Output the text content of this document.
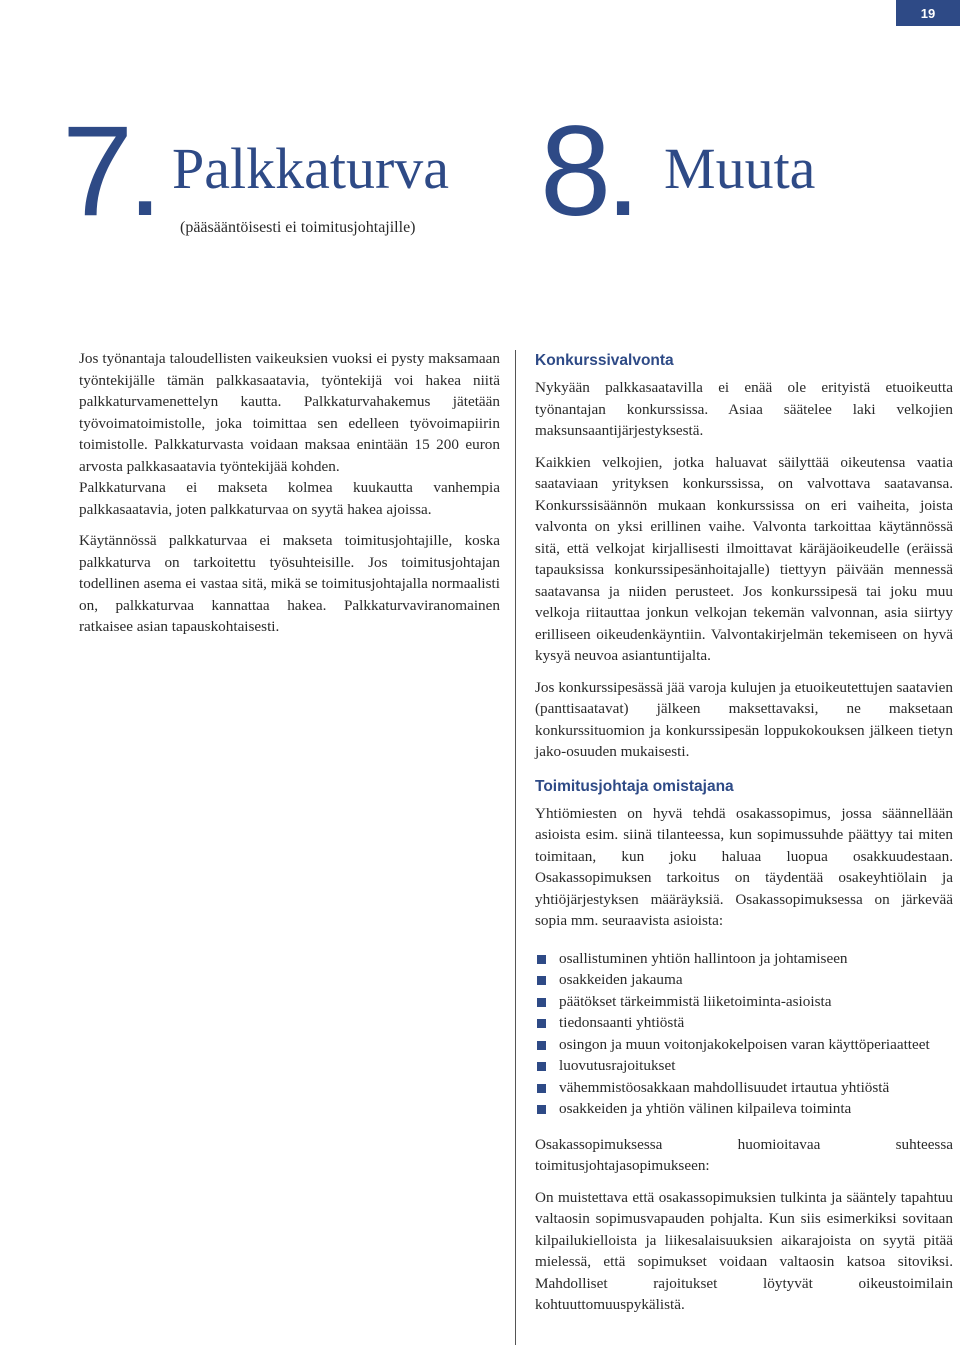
19
7. Palkkaturva
(pääsääntöisesti ei toimitusjohtajille) 8. Muuta

Jos työnantaja taloudellisten vaikeuksien vuoksi ei pysty maksamaan työntekijälle tämän palkkasaatavia, työntekijä voi hakea niitä palkkaturvamenettelyn kautta. Palkkaturvahakemus jätetään työvoimatoimistolle, joka toimittaa sen edelleen työvoimapiirin toimistolle. Palkkaturvasta voidaan maksaa enintään 15 200 euron arvosta palkkasaatavia työntekijää kohden.

Palkkaturvana ei makseta kolmea kuukautta vanhempia palkkasaatavia, joten palkkaturvaa on syytä hakea ajoissa.

Käytännössä palkkaturvaa ei makseta toimitusjohtajille, koska palkkaturva on tarkoitettu työsuhteisille. Jos toimitusjohtajan todellinen asema ei vastaa sitä, mikä se toimitusjohtajalla normaalisti on, palkkaturvaa kannattaa hakea. Palkkaturvaviranomainen ratkaisee asian tapauskohtaisesti.

Konkurssivalvonta

Nykyään palkkasaatavilla ei enää ole erityistä etuoikeutta työnantajan konkurssissa. Asiaa säätelee laki velkojien maksunsaantijärjestyksestä.

Kaikkien velkojien, jotka haluavat säilyttää oikeutensa vaatia saataviaan yrityksen konkurssissa, on valvottava saatavansa. Konkurssisäännön mukaan konkurssissa on eri vaiheita, joista valvonta on yksi erillinen vaihe. Valvonta tarkoittaa käytännössä sitä, että velkojat kirjallisesti ilmoittavat käräjäoikeudelle (eräissä tapauksissa konkurssipesänhoitajalle) tiettyyn päivään mennessä saatavansa ja niiden perusteet. Jos konkurssipesä tai joku muu velkoja riitauttaa jonkun velkojan tekemän valvonnan, asia siirtyy erilliseen oikeudenkäyntiin. Valvontakirjelmän tekemiseen on hyvä kysyä neuvoa asiantuntijalta.

Jos konkurssipesässä jää varoja kulujen ja etuoikeutettujen saatavien (panttisaatavat) jälkeen maksettavaksi, ne maksetaan konkurssituomion ja konkurssipesän loppukokouksen jälkeen tietyn jako-osuuden mukaisesti.

Toimitusjohtaja omistajana

Yhtiömiesten on hyvä tehdä osakassopimus, jossa säännellään asioista esim. siinä tilanteessa, kun sopimussuhde päättyy tai miten toimitaan, kun joku haluaa luopua osakkuudestaan. Osakassopimuksen tarkoitus on täydentää osakeyhtiölain ja yhtiöjärjestyksen määräyksiä. Osakassopimuksessa on järkevää sopia mm. seuraavista asioista:

osallistuminen yhtiön hallintoon ja johtamiseen
osakkeiden jakauma
päätökset tärkeimmistä liiketoiminta-asioista
tiedonsaanti yhtiöstä
osingon ja muun voitonjakokelpoisen varan käyttöperiaatteet
luovutusrajoitukset
vähemmistöosakkaan mahdollisuudet irtautua yhtiöstä
osakkeiden ja yhtiön välinen kilpaileva toiminta

Osakassopimuksessa huomioitavaa suhteessa toimitusjohtajasopimukseen:

On muistettava että osakassopimuksien tulkinta ja sääntely tapahtuu valtaosin sopimusvapauden pohjalta. Kun siis esimerkiksi sovitaan kilpailukielloista ja liikesalaisuuksien aikarajoista on syytä pitää mielessä, että sopimukset voidaan valtaosin katsoa sitoviksi. Mahdolliset rajoitukset löytyvät oikeustoimilain kohtuuttomuuspykälistä.
